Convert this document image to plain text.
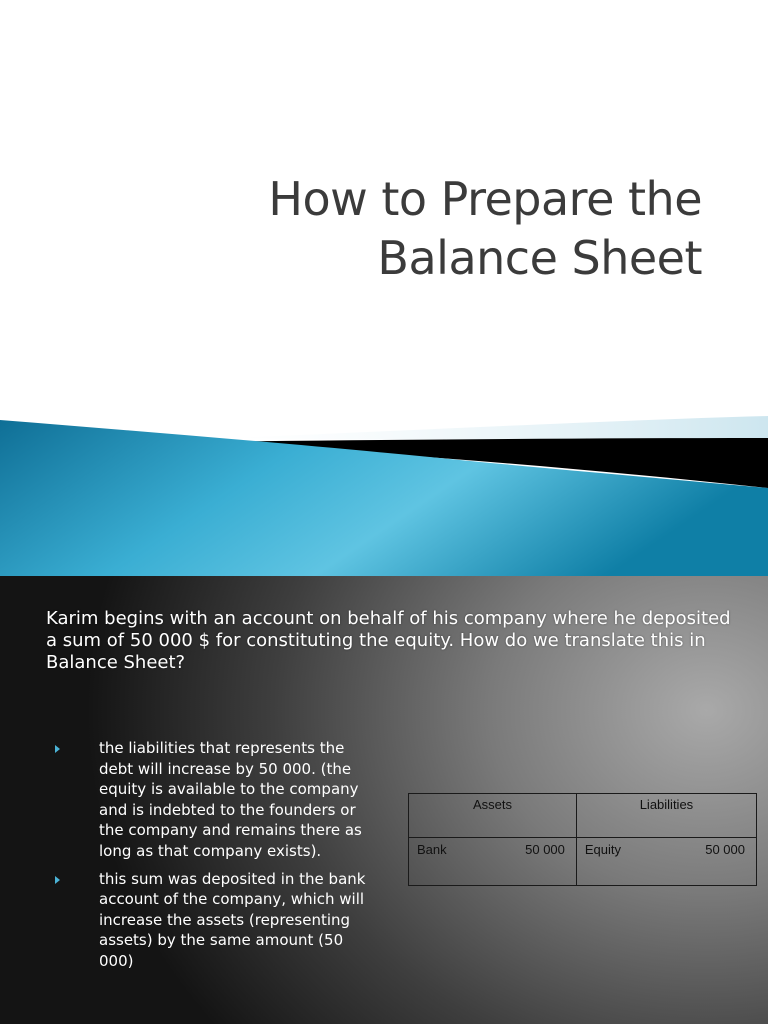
How to Prepare the
Balance Sheet

Karim begins with an account on behalf of his company where he deposited a sum of 50 000 $ for constituting the equity. How do we translate this in Balance Sheet?

the liabilities that represents the debt will increase by 50 000. (the equity is available to the company and is indebted to the founders or the company and remains there as long as that company exists).
this sum was deposited in the bank account of the company, which will increase the assets (representing assets) by the same amount (50 000)
Assets	Liabilities

Bank 50 000	Equity 50 000
